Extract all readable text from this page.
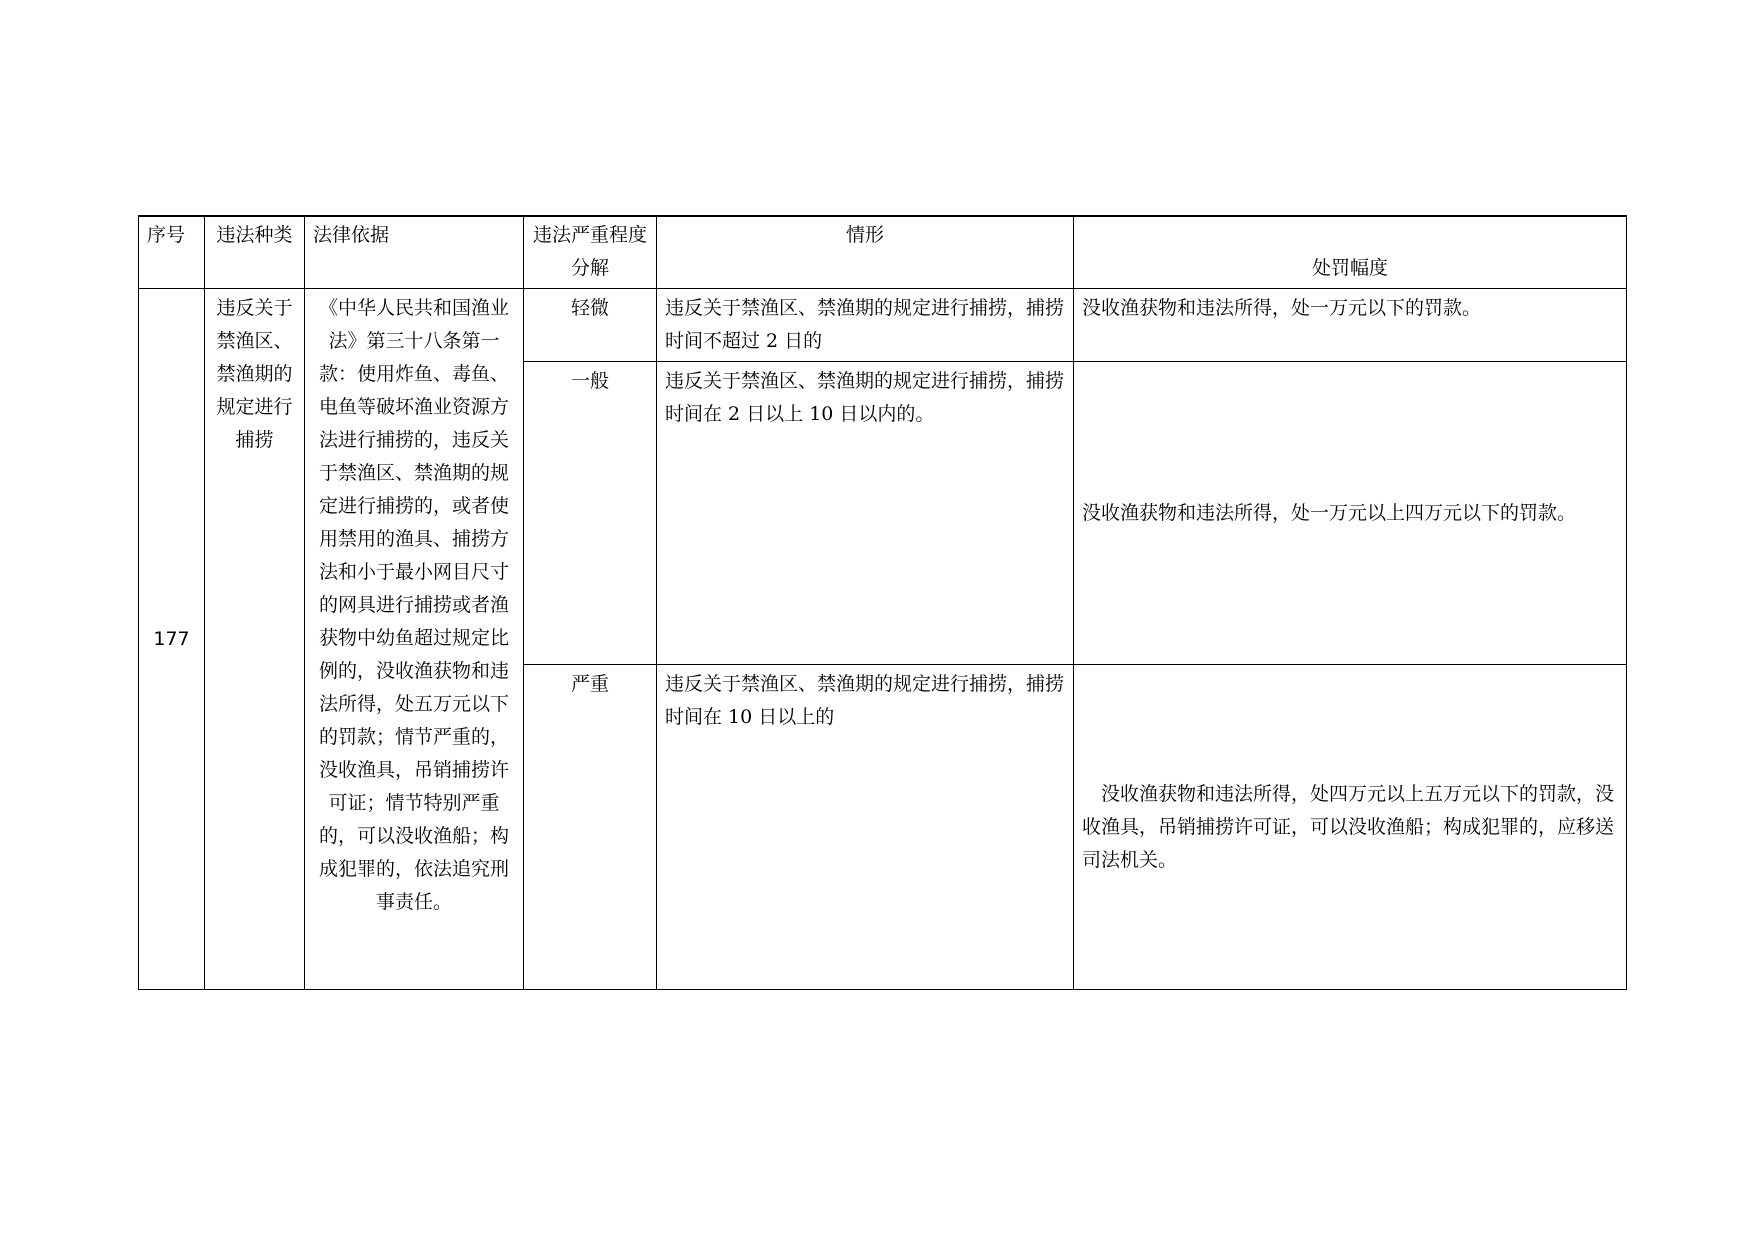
序号	违法种类	法律依据	违法严重程度分解	情形	处罚幅度
177	违反关于禁渔区、禁渔期的规定进行捕捞	《中华人民共和国渔业法》第三十八条第一款：使用炸鱼、毒鱼、电鱼等破坏渔业资源方法进行捕捞的，违反关于禁渔区、禁渔期的规定进行捕捞的，或者使用禁用的渔具、捕捞方法和小于最小网目尺寸的网具进行捕捞或者渔获物中幼鱼超过规定比例的，没收渔获物和违法所得，处五万元以下的罚款；情节严重的，没收渔具，吊销捕捞许可证；情节特别严重的，可以没收渔船；构成犯罪的，依法追究刑事责任。	轻微	违反关于禁渔区、禁渔期的规定进行捕捞，捕捞时间不超过 2 日的	没收渔获物和违法所得，处一万元以下的罚款。
			一般	违反关于禁渔区、禁渔期的规定进行捕捞，捕捞时间在 2 日以上 10 日以内的。	没收渔获物和违法所得，处一万元以上四万元以下的罚款。
			严重	违反关于禁渔区、禁渔期的规定进行捕捞，捕捞时间在 10 日以上的	没收渔获物和违法所得，处四万元以上五万元以下的罚款，没收渔具，吊销捕捞许可证，可以没收渔船；构成犯罪的，应移送司法机关。
